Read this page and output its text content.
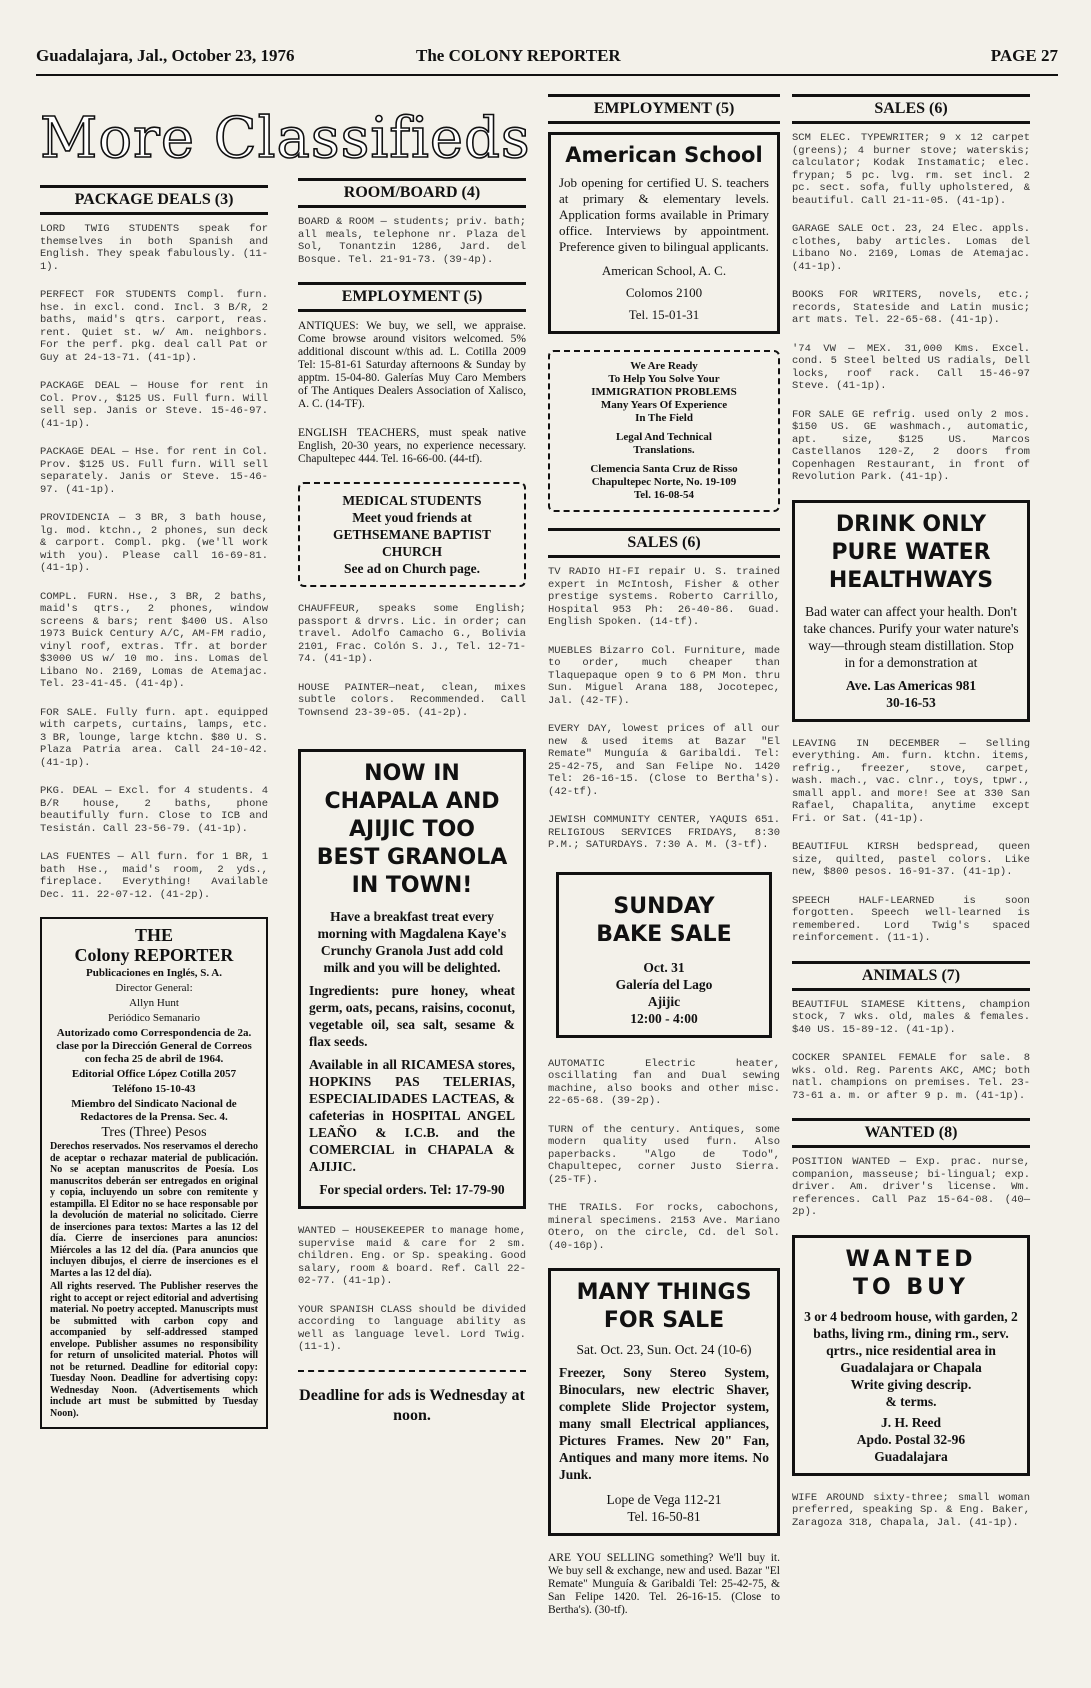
Guadalajara, Jal., October 23, 1976	The COLONY REPORTER	PAGE 27
More Classifieds
PACKAGE DEALS (3)
LORD TWIG STUDENTS speak for themselves in both Spanish and English. They speak fabulously. (11-1).
PERFECT FOR STUDENTS Compl. furn. hse. in excl. cond. Incl. 3 B/R, 2 baths, maid's qtrs. carport, reas. rent. Quiet st. w/ Am. neighbors. For the perf. pkg. deal call Pat or Guy at 24-13-71. (41-1p).
PACKAGE DEAL — House for rent in Col. Prov., $125 US. Full furn. Will sell sep. Janis or Steve. 15-46-97. (41-1p).
PACKAGE DEAL — Hse. for rent in Col. Prov. $125 US. Full furn. Will sell separately. Janis or Steve. 15-46-97. (41-1p).
PROVIDENCIA — 3 BR, 3 bath house, lg. mod. ktchn., 2 phones, sun deck & carport. Compl. pkg. (we'll work with you). Please call 16-69-81. (41-1p).
COMPL. FURN. Hse., 3 BR, 2 baths, maid's qtrs., 2 phones, window screens & bars; rent $400 US. Also 1973 Buick Century A/C, AM-FM radio, vinyl roof, extras. Tfr. at border $3000 US w/ 10 mo. ins. Lomas del Libano No. 2169, Lomas de Atemajac. Tel. 23-41-45. (41-4p).
FOR SALE. Fully furn. apt. equipped with carpets, curtains, lamps, etc. 3 BR, lounge, large ktchn. $80 U. S. Plaza Patria area. Call 24-10-42. (41-1p).
PKG. DEAL — Excl. for 4 students. 4 B/R house, 2 baths, phone beautifully furn. Close to ICB and Tesistán. Call 23-56-79. (41-1p).
LAS FUENTES — All furn. for 1 BR, 1 bath Hse., maid's room, 2 yds., fireplace. Everything! Available Dec. 11. 22-07-12. (41-2p).
THE
Colony REPORTER

Publicaciones en Inglés, S. A.

Director General:

Allyn Hunt

Periódico Semanario

Autorizado como Correspondencia de 2a. clase por la Dirección General de Correos con fecha 25 de abril de 1964.

Editorial Office López Cotilla 2057

Teléfono 15-10-43

Miembro del Sindicato Nacional de Redactores de la Prensa. Sec. 4.

Tres (Three) Pesos

Derechos reservados. Nos reservamos el derecho de aceptar o rechazar material de publicación. No se aceptan manuscritos de Poesía. Los manuscritos deberán ser entregados en original y copia, incluyendo un sobre con remitente y estampilla. El Editor no se hace responsable por la devolución de material no solicitado. Cierre de inserciones para textos: Martes a las 12 del día. Cierre de inserciones para anuncios: Miércoles a las 12 del día. (Para anuncios que incluyen dibujos, el cierre de inserciones es el Martes a las 12 del día).

All rights reserved. The Publisher reserves the right to accept or reject editorial and advertising material. No poetry accepted. Manuscripts must be submitted with carbon copy and accompanied by self-addressed stamped envelope. Publisher assumes no responsibility for return of unsolicited material. Photos will not be returned. Deadline for editorial copy: Tuesday Noon. Deadline for advertising copy: Wednesday Noon. (Advertisements which include art must be submitted by Tuesday Noon).

ROOM/BOARD (4)
BOARD & ROOM — students; priv. bath; all meals, telephone nr. Plaza del Sol, Tonantzin 1286, Jard. del Bosque. Tel. 21-91-73. (39-4p).
EMPLOYMENT (5)
ANTIQUES: We buy, we sell, we appraise. Come browse around visitors welcomed. 5% additional discount w/this ad. L. Cotilla 2009 Tel: 15-81-61 Saturday afternoons & Sunday by apptm. 15-04-80. Galerías Muy Caro Members of The Antiques Dealers Association of Xalisco, A. C. (14-TF).
ENGLISH TEACHERS, must speak native English, 20-30 years, no experience necessary. Chapultepec 444. Tel. 16-66-00. (44-tf).
MEDICAL STUDENTS
Meet youd friends at
GETHSEMANE BAPTIST
CHURCH
See ad on Church page.
CHAUFFEUR, speaks some English; passport & drvrs. Lic. in order; can travel. Adolfo Camacho G., Bolivia 2101, Frac. Colón S. J., Tel. 12-71-74. (41-1p).
HOUSE PAINTER—neat, clean, mixes subtle colors. Recommended. Call Townsend 23-39-05. (41-2p).
NOW IN
CHAPALA AND
AJIJIC TOO
BEST GRANOLA
IN TOWN!
Have a breakfast treat every morning with Magdalena Kaye's Crunchy Granola Just add cold milk and you will be delighted.
Ingredients: pure honey, wheat germ, oats, pecans, raisins, coconut, vegetable oil, sea salt, sesame & flax seeds.
Available in all RICAMESA stores, HOPKINS PAS TELERIAS, ESPECIALIDADES LACTEAS, & cafeterias in HOSPITAL ANGEL LEAÑO & I.C.B. and the COMERCIAL in CHAPALA & AJIJIC.
For special orders. Tel: 17-79-90
WANTED — HOUSEKEEPER to manage home, supervise maid & care for 2 sm. children. Eng. or Sp. speaking. Good salary, room & board. Ref. Call 22-02-77. (41-1p).
YOUR SPANISH CLASS should be divided according to language ability as well as language level. Lord Twig. (11-1).
Deadline for ads is Wednesday at noon.
EMPLOYMENT (5)
American School
Job opening for certified U. S. teachers at primary & elementary levels. Application forms available in Primary office. Interviews by appointment. Preference given to bilingual applicants.
American School, A. C.
Colomos 2100
Tel. 15-01-31
We Are Ready
To Help You Solve Your
IMMIGRATION PROBLEMS
Many Years Of Experience
In The Field
Legal And Technical
Translations.
Clemencia Santa Cruz de Risso
Chapultepec Norte, No. 19-109
Tel. 16-08-54
SALES (6)
TV RADIO HI-FI repair U. S. trained expert in McIntosh, Fisher & other prestige systems. Roberto Carrillo, Hospital 953 Ph: 26-40-86. Guad. English Spoken. (14-tf).
MUEBLES Bizarro Col. Furniture, made to order, much cheaper than Tlaquepaque open 9 to 6 PM Mon. thru Sun. Miguel Arana 188, Jocotepec, Jal. (42-TF).
EVERY DAY, lowest prices of all our new & used items at Bazar "El Remate" Munguía & Garibaldi. Tel: 25-42-75, and San Felipe No. 1420 Tel: 26-16-15. (Close to Bertha's). (42-tf).
JEWISH COMMUNITY CENTER, YAQUIS 651. RELIGIOUS SERVICES FRIDAYS, 8:30 P.M.; SATURDAYS. 7:30 A. M. (3-tf).
SUNDAY
BAKE SALE
Oct. 31
Galería del Lago
Ajijic
12:00 - 4:00
AUTOMATIC Electric heater, oscillating fan and Dual sewing machine, also books and other misc. 22-65-68. (39-2p).
TURN of the century. Antiques, some modern quality used furn. Also paperbacks. "Algo de Todo", Chapultepec, corner Justo Sierra. (25-TF).
THE TRAILS. For rocks, cabochons, mineral specimens. 2153 Ave. Mariano Otero, on the circle, Cd. del Sol. (40-16p).
MANY THINGS
FOR SALE
Sat. Oct. 23, Sun. Oct. 24 (10-6)
Freezer, Sony Stereo System, Binoculars, new electric Shaver, complete Slide Projector system, many small Electrical appliances, Pictures Frames. New 20" Fan, Antiques and many more items. No Junk.
Lope de Vega 112-21
Tel. 16-50-81
ARE YOU SELLING something? We'll buy it. We buy sell & exchange, new and used. Bazar "El Remate" Munguía & Garibaldi Tel: 25-42-75, & San Felipe 1420. Tel. 26-16-15. (Close to Bertha's). (30-tf).
SALES (6)
SCM ELEC. TYPEWRITER; 9 x 12 carpet (greens); 4 burner stove; waterskis; calculator; Kodak Instamatic; elec. frypan; 5 pc. lvg. rm. set incl. 2 pc. sect. sofa, fully upholstered, & beautiful. Call 21-11-05. (41-1p).
GARAGE SALE Oct. 23, 24 Elec. appls. clothes, baby articles. Lomas del Libano No. 2169, Lomas de Atemajac. (41-1p).
BOOKS FOR WRITERS, novels, etc.; records, Stateside and Latin music; art mats. Tel. 22-65-68. (41-1p).
'74 VW — MEX. 31,000 Kms. Excel. cond. 5 Steel belted US radials, Dell locks, roof rack. Call 15-46-97 Steve. (41-1p).
FOR SALE GE refrig. used only 2 mos. $150 US. GE washmach., automatic, apt. size, $125 US. Marcos Castellanos 120-Z, 2 doors from Copenhagen Restaurant, in front of Revolution Park. (41-1p).
DRINK ONLY
PURE WATER
HEALTHWAYS
Bad water can affect your health. Don't take chances. Purify your water nature's way—through steam distillation. Stop in for a demonstration at
Ave. Las Americas 981
30-16-53
LEAVING IN DECEMBER — Selling everything. Am. furn. ktchn. items, refrig., freezer, stove, carpet, wash. mach., vac. clnr., toys, tpwr., small appl. and more! See at 330 San Rafael, Chapalita, anytime except Fri. or Sat. (41-1p).
BEAUTIFUL KIRSH bedspread, queen size, quilted, pastel colors. Like new, $800 pesos. 16-91-37. (41-1p).
SPEECH HALF-LEARNED is soon forgotten. Speech well-learned is remembered. Lord Twig's spaced reinforcement. (11-1).
ANIMALS (7)
BEAUTIFUL SIAMESE Kittens, champion stock, 7 wks. old, males & females. $40 US. 15-89-12. (41-1p).
COCKER SPANIEL FEMALE for sale. 8 wks. old. Reg. Parents AKC, AMC; both natl. champions on premises. Tel. 23-73-61 a. m. or after 9 p. m. (41-1p).
WANTED (8)
POSITION WANTED — Exp. prac. nurse, companion, masseuse; bi-lingual; exp. driver. Am. driver's license. Wm. references. Call Paz 15-64-08. (40—2p).
WANTED
TO BUY
3 or 4 bedroom house, with garden, 2 baths, living rm., dining rm., serv. qrtrs., nice residential area in Guadalajara or Chapala
Write giving descrip.
& terms.
J. H. Reed
Apdo. Postal 32-96
Guadalajara
WIFE AROUND sixty-three; small woman preferred, speaking Sp. & Eng. Baker, Zaragoza 318, Chapala, Jal. (41-1p).
